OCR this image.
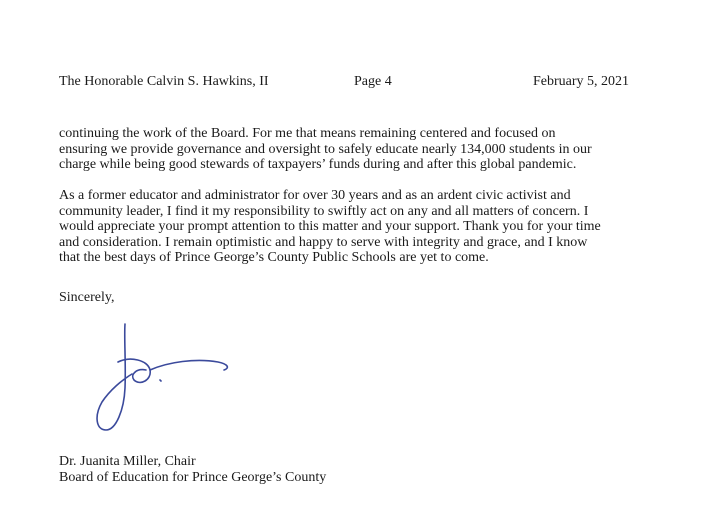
The Honorable Calvin S. Hawkins, II	Page 4	February 5, 2021

continuing the work of the Board. For me that means remaining centered and focused on
ensuring we provide governance and oversight to safely educate nearly 134,000 students in our
charge while being good stewards of taxpayers’ funds during and after this global pandemic.

As a former educator and administrator for over 30 years and as an ardent civic activist and
community leader, I find it my responsibility to swiftly act on any and all matters of concern. I
would appreciate your prompt attention to this matter and your support. Thank you for your time
and consideration. I remain optimistic and happy to serve with integrity and grace, and I know
that the best days of Prince George’s County Public Schools are yet to come.

Sincerely,
Dr. Juanita Miller, Chair
Board of Education for Prince George’s County
